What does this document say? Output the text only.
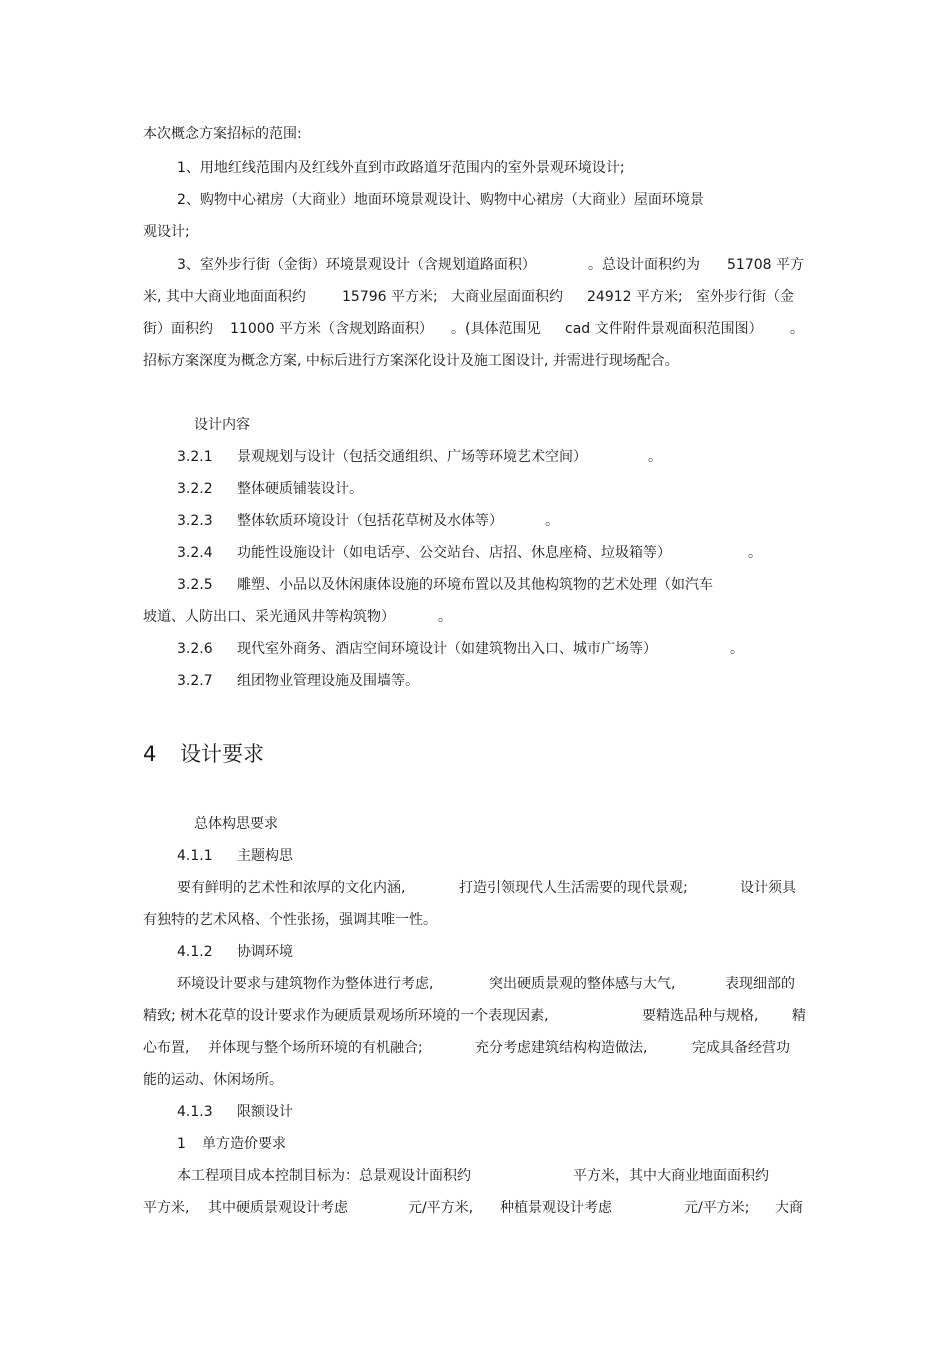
本次概念方案招标的范围:
1、用地红线范围内及红线外直到市政路道牙范围内的室外景观环境设计;
2、购物中心裙房（大商业）地面环境景观设计、购物中心裙房（大商业）屋面环境景
观设计;
3、室外步行街（金街）环境景观设计（含规划道路面积）	。总设计面积约为 51708 平方
米, 其中大商业地面面积约	15796 平方米; 大商业屋面面积约 24912 平方米; 室外步行街（金
街）面积约 11000 平方米（含规划路面积） 。(具体范围见 cad 文件附件景观面积范围图） 。
招标方案深度为概念方案, 中标后进行方案深化设计及施工图设计, 并需进行现场配合。
设计内容
3.2.1 景观规划与设计（包括交通组织、广场等环境艺术空间）	。
3.2.2 整体硬质铺装设计。
3.2.3 整体软质环境设计（包括花草树及水体等）	。
3.2.4 功能性设施设计（如电话亭、公交站台、店招、休息座椅、垃圾箱等）	。
3.2.5 雕塑、小品以及休闲康体设施的环境布置以及其他构筑物的艺术处理（如汽车
坡道、人防出口、采光通风井等构筑物）	。
3.2.6 现代室外商务、酒店空间环境设计（如建筑物出入口、城市广场等）	。
3.2.7 组团物业管理设施及围墙等。
4 设计要求
总体构思要求
4.1.1 主题构思
要有鲜明的艺术性和浓厚的文化内涵,	打造引领现代人生活需要的现代景观;	设计须具
有独特的艺术风格、个性张扬，强调其唯一性。
4.1.2 协调环境
环境设计要求与建筑物作为整体进行考虑,	突出硬质景观的整体感与大气,	表现细部的
精致; 树木花草的设计要求作为硬质景观场所环境的一个表现因素,	要精选品种与规格, 精
心布置, 并体现与整个场所环境的有机融合;	充分考虑建筑结构构造做法,	完成具备经营功
能的运动、休闲场所。
4.1.3 限额设计
1 单方造价要求
本工程项目成本控制目标为：总景观设计面积约	平方米，其中大商业地面面积约
平方米, 其中硬质景观设计考虑	元/平方米, 种植景观设计考虑	元/平方米; 大商
